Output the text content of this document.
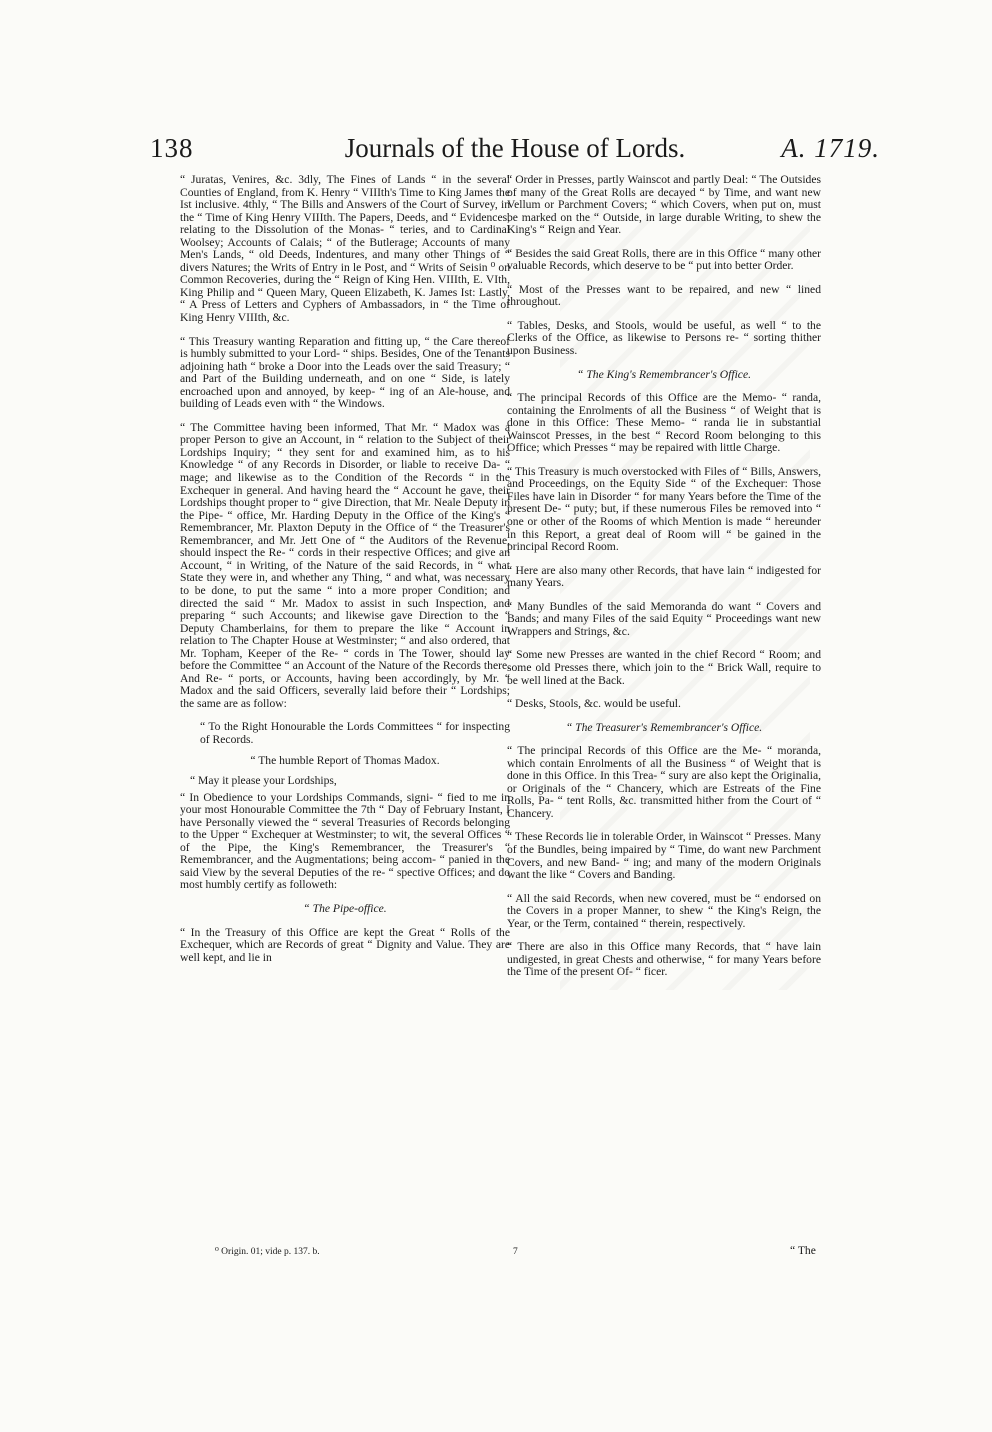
138	Journals of the House of Lords.	A. 1719.

“ Juratas, Venires, &c. 3dly, The Fines of Lands “ in the several Counties of England, from K. Henry “ VIIIth's Time to King James the Ist inclusive. 4thly, “ The Bills and Answers of the Court of Survey, in the “ Time of King Henry VIIIth. The Papers, Deeds, and “ Evidences, relating to the Dissolution of the Monas- “ teries, and to Cardinal Woolsey; Accounts of Calais; “ of the Butlerage; Accounts of many Men's Lands, “ old Deeds, Indentures, and many other Things of “ divers Natures; the Writs of Entry in le Post, and “ Writs of Seisin ⁰ on Common Recoveries, during the “ Reign of King Hen. VIIIth, E. VIth, King Philip and “ Queen Mary, Queen Elizabeth, K. James Ist: Lastly, “ A Press of Letters and Cyphers of Ambassadors, in “ the Time of King Henry VIIIth, &c.

“ This Treasury wanting Reparation and fitting up, “ the Care thereof is humbly submitted to your Lord- “ ships. Besides, One of the Tenants adjoining hath “ broke a Door into the Leads over the said Treasury; “ and Part of the Building underneath, and on one “ Side, is lately encroached upon and annoyed, by keep- “ ing of an Ale-house, and building of Leads even with “ the Windows.

“ The Committee having been informed, That Mr. “ Madox was a proper Person to give an Account, in “ relation to the Subject of their Lordships Inquiry; “ they sent for and examined him, as to his Knowledge “ of any Records in Disorder, or liable to receive Da- “ mage; and likewise as to the Condition of the Records “ in the Exchequer in general. And having heard the “ Account he gave, their Lordships thought proper to “ give Direction, that Mr. Neale Deputy in the Pipe- “ office, Mr. Harding Deputy in the Office of the King's “ Remembrancer, Mr. Plaxton Deputy in the Office of “ the Treasurer's Remembrancer, and Mr. Jett One of “ the Auditors of the Revenue, should inspect the Re- “ cords in their respective Offices; and give an Account, “ in Writing, of the Nature of the said Records, in “ what State they were in, and whether any Thing, “ and what, was necessary to be done, to put the same “ into a more proper Condition; and directed the said “ Mr. Madox to assist in such Inspection, and preparing “ such Accounts; and likewise gave Direction to the “ Deputy Chamberlains, for them to prepare the like “ Account in relation to The Chapter House at Westminster; “ and also ordered, that Mr. Topham, Keeper of the Re- “ cords in The Tower, should lay before the Committee “ an Account of the Nature of the Records there. And Re- “ ports, or Accounts, having been accordingly, by Mr. “ Madox and the said Officers, severally laid before their “ Lordships; the same are as follow:

“ To the Right Honourable the Lords Committees “ for inspecting of Records.

“ The humble Report of Thomas Madox.

“ May it please your Lordships,

“ In Obedience to your Lordships Commands, signi- “ fied to me in your most Honourable Committee the 7th “ Day of February Instant, I have Personally viewed the “ several Treasuries of Records belonging to the Upper “ Exchequer at Westminster; to wit, the several Offices “ of the Pipe, the King's Remembrancer, the Treasurer's “ Remembrancer, and the Augmentations; being accom- “ panied in the said View by the several Deputies of the re- “ spective Offices; and do most humbly certify as followeth:

“ The Pipe-office.

“ In the Treasury of this Office are kept the Great “ Rolls of the Exchequer, which are Records of great “ Dignity and Value. They are well kept, and lie in

⁰ Origin. 01; vide p. 137. b.	7

“ Order in Presses, partly Wainscot and partly Deal: “ The Outsides of many of the Great Rolls are decayed “ by Time, and want new Vellum or Parchment Covers; “ which Covers, when put on, must be marked on the “ Outside, in large durable Writing, to shew the King's “ Reign and Year.

“ Besides the said Great Rolls, there are in this Office “ many other valuable Records, which deserve to be “ put into better Order.

“ Most of the Presses want to be repaired, and new “ lined throughout.

“ Tables, Desks, and Stools, would be useful, as well “ to the Clerks of the Office, as likewise to Persons re- “ sorting thither upon Business.

“ The King's Remembrancer's Office.

“ The principal Records of this Office are the Memo- “ randa, containing the Enrolments of all the Business “ of Weight that is done in this Office: These Memo- “ randa lie in substantial Wainscot Presses, in the best “ Record Room belonging to this Office; which Presses “ may be repaired with little Charge.

“ This Treasury is much overstocked with Files of “ Bills, Answers, and Proceedings, on the Equity Side “ of the Exchequer: Those Files have lain in Disorder “ for many Years before the Time of the present De- “ puty; but, if these numerous Files be removed into “ one or other of the Rooms of which Mention is made “ hereunder in this Report, a great deal of Room will “ be gained in the principal Record Room.

“ Here are also many other Records, that have lain “ indigested for many Years.

“ Many Bundles of the said Memoranda do want “ Covers and Bands; and many Files of the said Equity “ Proceedings want new Wrappers and Strings, &c.

“ Some new Presses are wanted in the chief Record “ Room; and some old Presses there, which join to the “ Brick Wall, require to be well lined at the Back.

“ Desks, Stools, &c. would be useful.

“ The Treasurer's Remembrancer's Office.

“ The principal Records of this Office are the Me- “ moranda, which contain Enrolments of all the Business “ of Weight that is done in this Office. In this Trea- “ sury are also kept the Originalia, or Originals of the “ Chancery, which are Estreats of the Fine Rolls, Pa- “ tent Rolls, &c. transmitted hither from the Court of “ Chancery.

“ These Records lie in tolerable Order, in Wainscot “ Presses. Many of the Bundles, being impaired by “ Time, do want new Parchment Covers, and new Band- “ ing; and many of the modern Originals want the like “ Covers and Banding.

“ All the said Records, when new covered, must be “ endorsed on the Covers in a proper Manner, to shew “ the King's Reign, the Year, or the Term, contained “ therein, respectively.

“ There are also in this Office many Records, that “ have lain undigested, in great Chests and otherwise, “ for many Years before the Time of the present Of- “ ficer.

“ The
